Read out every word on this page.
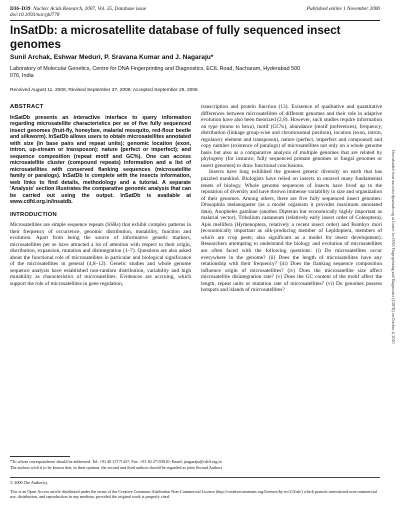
D36–D39 Nucleic Acids Research, 2007, Vol. 35, Database issue
doi:10.1093/nar/gkl778
Published online 1 November 2006
InSatDb: a microsatellite database of fully sequenced insect genomes
Sunil Archak, Eshwar Meduri, P. Sravana Kumar and J. Nagaraju*
Laboratory of Molecular Genetics, Centre for DNA Fingerprinting and Diagnostics, ECIL Road, Nacharam, Hyderabad 500 076, India
Received August 11, 2006; Revised September 27, 2006; Accepted September 29, 2006
Downloaded from nar.oxfordjournals.org at Centre for DNA Fingerprinting and Diagnostics (CDFD) on October 4, 2010
ABSTRACT

InSatDb presents an interactive interface to query information regarding microsatellite characteristics per se of five fully sequenced insect genomes (fruit-fly, honeybee, malarial mosquito, red-flour beetle and silkworm). InSatDb allows users to obtain microsatellites annotated with size (in base pairs and repeat units); genomic location (exon, intron, up-stream or transposon); nature (perfect or imperfect); and sequence composition (repeat motif and GC%). One can access microsatellite cluster (compound repeats) information and a list of microsatellites with conserved flanking sequences (microsatellite family or paralogs). InSatDb is complete with the insects information, web links to find details, methodology and a tutorial. A separate 'Analysis' section illustrates the comparative genomic analysis that can be carried out using the output. InSatDb is available at www.cdfd.org.in/insatdb.

INTRODUCTION

Microsatellites are simple sequence repeats (SSRs) that exhibit complex patterns in their frequency of occurrence, genomic distribution, mutability, function and evolution. Apart from being the source of informative genetic markers, microsatellites per se have attracted a lot of attention with respect to their origin, distribution, expansion, mutation and disintegration (1–7). Questions are also asked about the functional role of microsatellites in particular and biological significance of the microsatellites in general (4,8–12). Genetic studies and whole genome sequence analysis have established non-random distribution, variability and high mutability as characteristics of microsatellites. Evidences are accruing, which support the role of microsatellites in gene regulation,

transcription and protein function (13). Existence of qualitative and quantitative differences between microsatellites of different genomes and their role in adaptive evolution have also been theorized (2,8). However, such studies require information on type (mono to hexa), motif (GC%), abundance (motif preferences), frequency, distribution (linkage group-wise and chromosomal position), location (exon, intron, regulatory element and transposon), nature (perfect, imperfect and compound) and copy number (existence of paralogs) of microsatellites not only on a whole genome basis but also as a comparative analysis of multiple genomes that are related by phylogeny (for instance, fully sequenced primate genomes or fungal genomes or insect genomes) to draw functional conclusions.

Insects have long exhibited the greatest genetic diversity on earth that has puzzled mankind. Biologists have relied on insects to unravel many fundamental tenets of biology. Whole genome sequences of insects have lived up to the reputation of diversity and have thrown immense variability in size and organization of their genomes. Among others, there are five fully sequenced insect genomes: Drosophila melanogaster (as a model organism it provides maximum annotated data), Anopheles gambiae (another Dipteran but economically highly important as malarial vector), Tribolium castaneum (relatively early insect order of Coleoptera), Apis mellifera (Hymenoptera, relatively a recent insect order) and Bombyx mori (economically important as silk-producing member of Lepidoptera, members of which are crop pests; also significant as a model for insect development). Researchers attempting to understand the biology and evolution of microsatellites are often faced with the following questions: (i) Do microsatellites occur everywhere in the genome? (ii) Does the length of microsatellites have any relationship with their frequency? (iii) Does the flanking sequence composition influence origin of microsatellites? (iv) Does the microsatellite size affect microsatellite disintegration rate? (v) Does the GC content of the motif affect the length, repeat units or mutation rate of microsatellites? (vi) Do genomes possess hotspots and islands of microsatellites?

*To whom correspondence should be addressed. Tel: +91 40 27171427; Fax: +91 40 27155610; Email: jnagaraju@cdfd.org.in
The authors wish it to be known that, in their opinion, the second and third authors should be regarded as joint Second Authors
© 2006 The Author(s).
This is an Open Access article distributed under the terms of the Creative Commons Attribution Non-Commercial License (http://creativecommons.org/licenses/by-nc/2.0/uk/) which permits unrestricted non-commercial use, distribution, and reproduction in any medium, provided the original work is properly cited.
